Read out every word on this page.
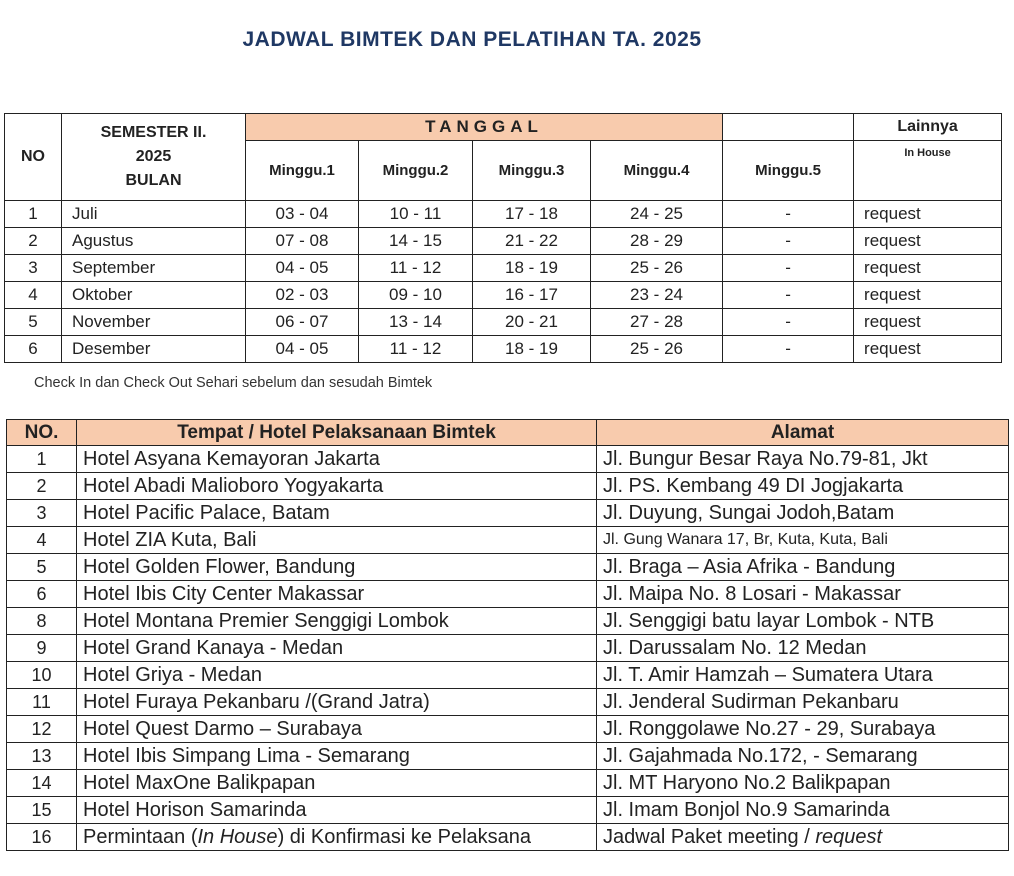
JADWAL BIMTEK DAN PELATIHAN TA. 2025
NO	SEMESTER II.
2025
BULAN	TANGGAL					Lainnya
		Minggu.1	Minggu.2	Minggu.3	Minggu.4	Minggu.5	In House
1	Juli	03 - 04	10 - 11	17 - 18	24 - 25	-	request
2	Agustus	07 - 08	14 - 15	21 - 22	28 - 29	-	request
3	September	04 - 05	11 - 12	18 - 19	25 - 26	-	request
4	Oktober	02 - 03	09 - 10	16 - 17	23 - 24	-	request
5	November	06 - 07	13 - 14	20 - 21	27 - 28	-	request
6	Desember	04 - 05	11 - 12	18 - 19	25 - 26	-	request
Check In dan Check Out Sehari sebelum dan sesudah Bimtek
NO.	Tempat / Hotel Pelaksanaan Bimtek	Alamat
1	Hotel Asyana Kemayoran Jakarta	Jl. Bungur Besar Raya No.79-81, Jkt
2	Hotel Abadi Malioboro Yogyakarta	Jl. PS. Kembang 49 DI Jogjakarta
3	Hotel Pacific Palace, Batam	Jl. Duyung, Sungai Jodoh,Batam
4	Hotel ZIA Kuta, Bali	Jl. Gung Wanara 17, Br, Kuta, Kuta, Bali
5	Hotel Golden Flower, Bandung	Jl. Braga – Asia Afrika - Bandung
6	Hotel Ibis City Center Makassar	Jl. Maipa No. 8 Losari - Makassar
8	Hotel Montana Premier Senggigi Lombok	Jl. Senggigi batu layar Lombok - NTB
9	Hotel Grand Kanaya - Medan	Jl. Darussalam No. 12 Medan
10	Hotel Griya - Medan	Jl. T. Amir Hamzah – Sumatera Utara
11	Hotel Furaya Pekanbaru /(Grand Jatra)	Jl. Jenderal Sudirman Pekanbaru
12	Hotel Quest Darmo – Surabaya	Jl. Ronggolawe No.27 - 29, Surabaya
13	Hotel Ibis Simpang Lima - Semarang	Jl. Gajahmada No.172, - Semarang
14	Hotel MaxOne Balikpapan	Jl. MT Haryono No.2 Balikpapan
15	Hotel Horison Samarinda	Jl. Imam Bonjol No.9 Samarinda
16	Permintaan (In House) di Konfirmasi ke Pelaksana	Jadwal Paket meeting / request
